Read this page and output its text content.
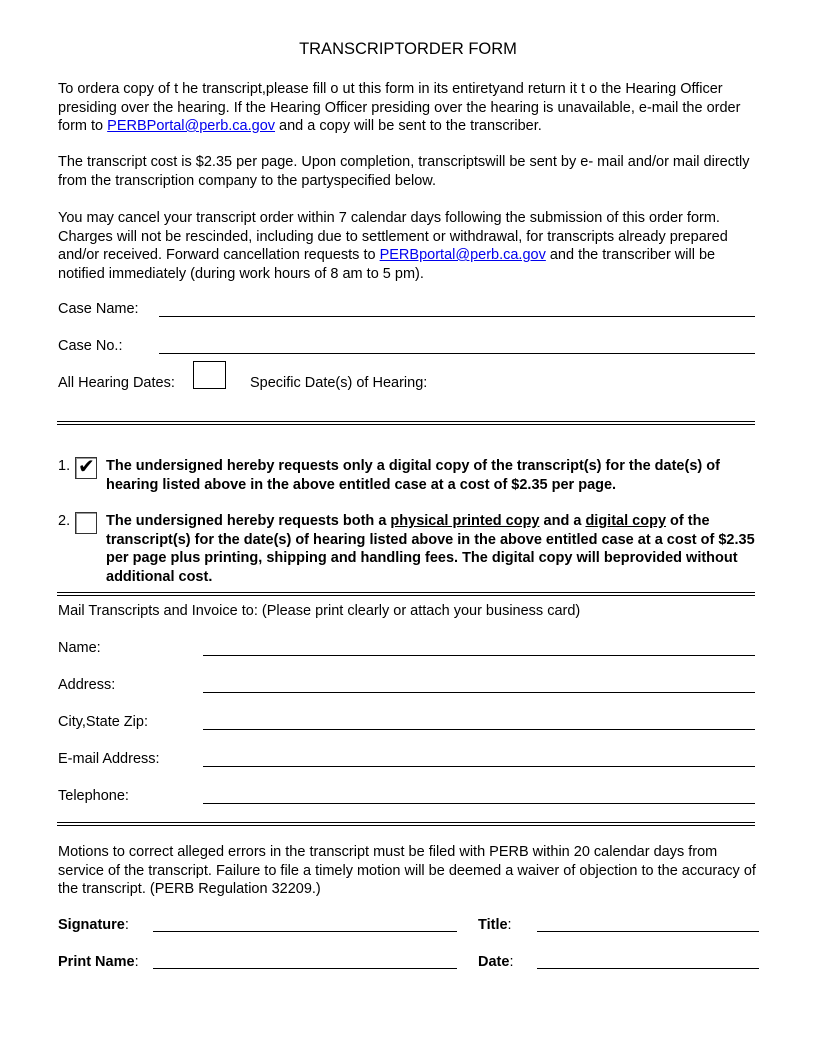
TRANSCRIPTORDER FORM
To ordera copy of t he transcript,please fill o ut this form in its entiretyand return it t o the Hearing Officer presiding over the hearing. If the Hearing Officer presiding over the hearing is unavailable, e-mail the order form to PERBPortal@perb.ca.gov and a copy will be sent to the transcriber.
The transcript cost is $2.35 per page. Upon completion, transcriptswill be sent by e- mail and/or mail directly from the transcription company to the partyspecified below.
You may cancel your transcript order within 7 calendar days following the submission of this order form. Charges will not be rescinded, including due to settlement or withdrawal, for transcripts already prepared and/or received. Forward cancellation requests to PERBportal@perb.ca.gov and the transcriber will be notified immediately (during work hours of 8 am to 5 pm).
Case Name:
Case No.:
All Hearing Dates:	Specific Date(s) of Hearing:
1. ✔ The undersigned hereby requests only a digital copy of the transcript(s) for the date(s) of hearing listed above in the above entitled case at a cost of $2.35 per page.
2. The undersigned hereby requests both a physical printed copy and a digital copy of the transcript(s) for the date(s) of hearing listed above in the above entitled case at a cost of $2.35 per page plus printing, shipping and handling fees. The digital copy will beprovided without additional cost.
Mail Transcripts and Invoice to: (Please print clearly or attach your business card)
Name:
Address:
City,State Zip:
E-mail Address:
Telephone:
Motions to correct alleged errors in the transcript must be filed with PERB within 20 calendar days from service of the transcript. Failure to file a timely motion will be deemed a waiver of objection to the accuracy of the transcript. (PERB Regulation 32209.)
Signature:	Title:
Print Name:	Date:
